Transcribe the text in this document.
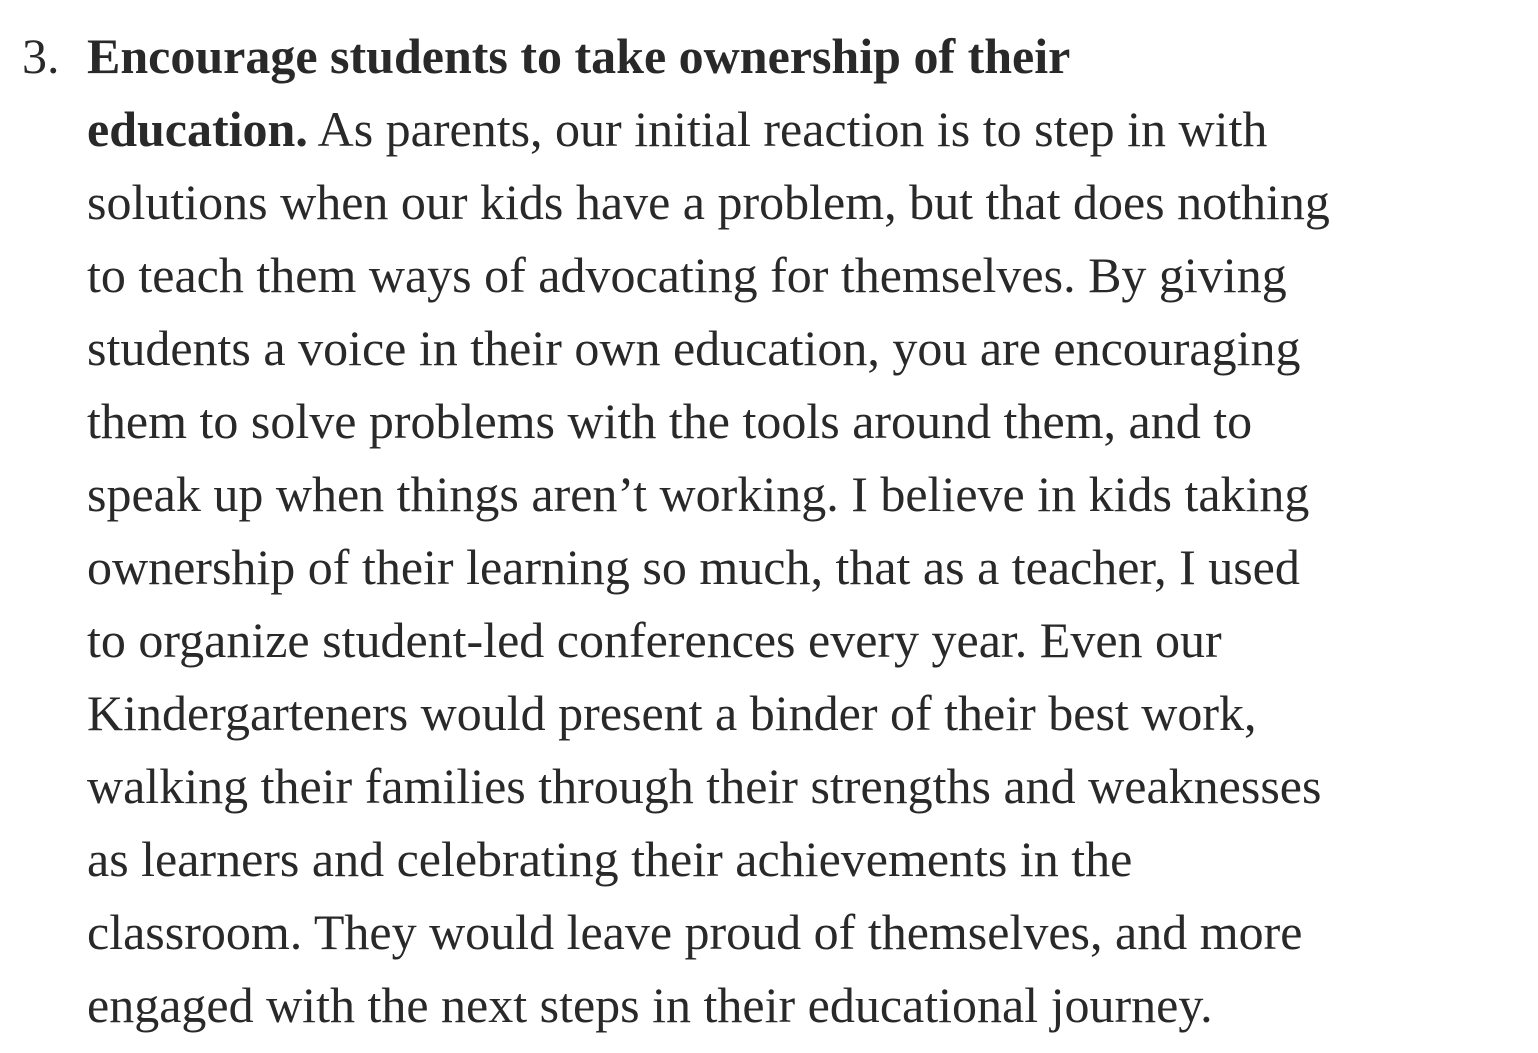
3. Encourage students to take ownership of their
education. As parents, our initial reaction is to step in with
solutions when our kids have a problem, but that does nothing
to teach them ways of advocating for themselves. By giving
students a voice in their own education, you are encouraging
them to solve problems with the tools around them, and to
speak up when things aren’t working. I believe in kids taking
ownership of their learning so much, that as a teacher, I used
to organize student-led conferences every year. Even our
Kindergarteners would present a binder of their best work,
walking their families through their strengths and weaknesses
as learners and celebrating their achievements in the
classroom. They would leave proud of themselves, and more
engaged with the next steps in their educational journey.
